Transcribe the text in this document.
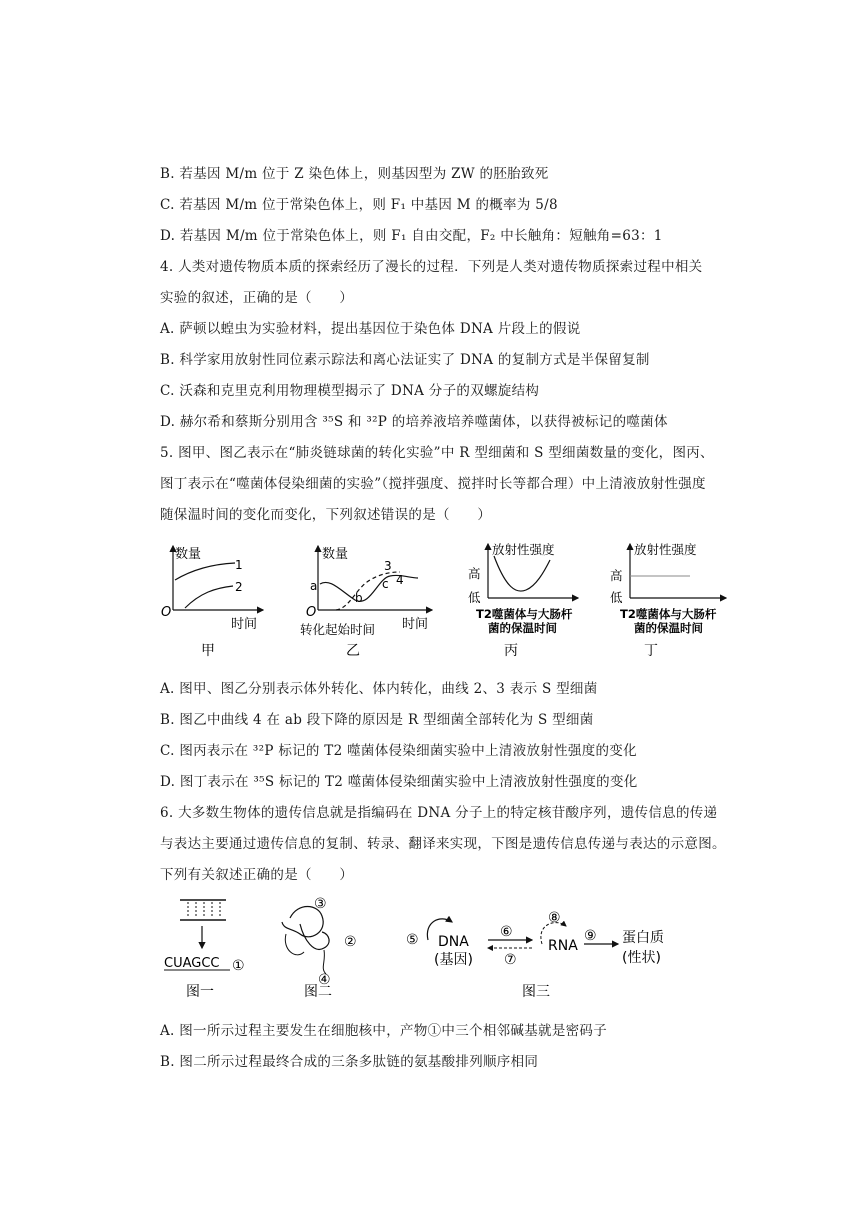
B. 若基因 M/m 位于 Z 染色体上，则基因型为 ZW 的胚胎致死
C. 若基因 M/m 位于常染色体上，则 F₁ 中基因 M 的概率为 5/8
D. 若基因 M/m 位于常染色体上，则 F₁ 自由交配，F₂ 中长触角：短触角=63：1
4. 人类对遗传物质本质的探索经历了漫长的过程．下列是人类对遗传物质探索过程中相关
实验的叙述，正确的是（　　）
A. 萨顿以蝗虫为实验材料，提出基因位于染色体 DNA 片段上的假说
B. 科学家用放射性同位素示踪法和离心法证实了 DNA 的复制方式是半保留复制
C. 沃森和克里克利用物理模型揭示了 DNA 分子的双螺旋结构
D. 赫尔希和蔡斯分别用含 ³⁵S 和 ³²P 的培养液培养噬菌体，以获得被标记的噬菌体
5. 图甲、图乙表示在“肺炎链球菌的转化实验”中 R 型细菌和 S 型细菌数量的变化，图丙、
图丁表示在“噬菌体侵染细菌的实验”（搅拌强度、搅拌时长等都合理）中上清液放射性强度
随保温时间的变化而变化，下列叙述错误的是（　　）
数量
1
2
O
时间
甲
数量
a
b
c
3
4
O
转化起始时间 时间
乙
放射性强度
高
低
T2噬菌体与大肠杆
菌的保温时间
丙
放射性强度
高
低
T2噬菌体与大肠杆
菌的保温时间
丁
A. 图甲、图乙分别表示体外转化、体内转化，曲线 2、3 表示 S 型细菌
B. 图乙中曲线 4 在 ab 段下降的原因是 R 型细菌全部转化为 S 型细菌
C. 图丙表示在 ³²P 标记的 T2 噬菌体侵染细菌实验中上清液放射性强度的变化
D. 图丁表示在 ³⁵S 标记的 T2 噬菌体侵染细菌实验中上清液放射性强度的变化
6. 大多数生物体的遗传信息就是指编码在 DNA 分子上的特定核苷酸序列，遗传信息的传递
与表达主要通过遗传信息的复制、转录、翻译来实现，下图是遗传信息传递与表达的示意图。
下列有关叙述正确的是（　　）
CUAGCC ①
图一
③
②
④
图二
⑤ DNA
(基因)
⑥
⑦
⑧
RNA
⑨ 蛋白质
(性状)
图三
A. 图一所示过程主要发生在细胞核中，产物①中三个相邻碱基就是密码子
B. 图二所示过程最终合成的三条多肽链的氨基酸排列顺序相同
